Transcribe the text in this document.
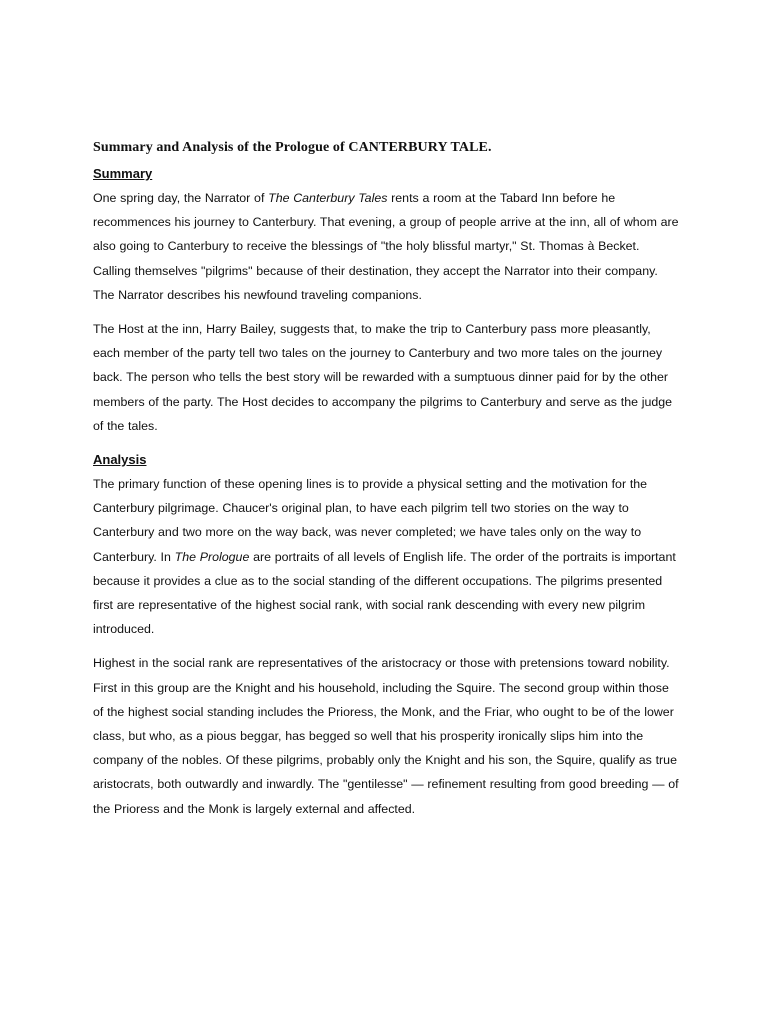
Summary and Analysis of the Prologue of CANTERBURY TALE.
Summary

One spring day, the Narrator of The Canterbury Tales rents a room at the Tabard Inn before he recommences his journey to Canterbury. That evening, a group of people arrive at the inn, all of whom are also going to Canterbury to receive the blessings of "the holy blissful martyr," St. Thomas à Becket. Calling themselves "pilgrims" because of their destination, they accept the Narrator into their company. The Narrator describes his newfound traveling companions.

The Host at the inn, Harry Bailey, suggests that, to make the trip to Canterbury pass more pleasantly, each member of the party tell two tales on the journey to Canterbury and two more tales on the journey back. The person who tells the best story will be rewarded with a sumptuous dinner paid for by the other members of the party. The Host decides to accompany the pilgrims to Canterbury and serve as the judge of the tales.

Analysis

The primary function of these opening lines is to provide a physical setting and the motivation for the Canterbury pilgrimage. Chaucer's original plan, to have each pilgrim tell two stories on the way to Canterbury and two more on the way back, was never completed; we have tales only on the way to Canterbury. In The Prologue are portraits of all levels of English life. The order of the portraits is important because it provides a clue as to the social standing of the different occupations. The pilgrims presented first are representative of the highest social rank, with social rank descending with every new pilgrim introduced.

Highest in the social rank are representatives of the aristocracy or those with pretensions toward nobility. First in this group are the Knight and his household, including the Squire. The second group within those of the highest social standing includes the Prioress, the Monk, and the Friar, who ought to be of the lower class, but who, as a pious beggar, has begged so well that his prosperity ironically slips him into the company of the nobles. Of these pilgrims, probably only the Knight and his son, the Squire, qualify as true aristocrats, both outwardly and inwardly. The "gentilesse" — refinement resulting from good breeding — of the Prioress and the Monk is largely external and affected.
